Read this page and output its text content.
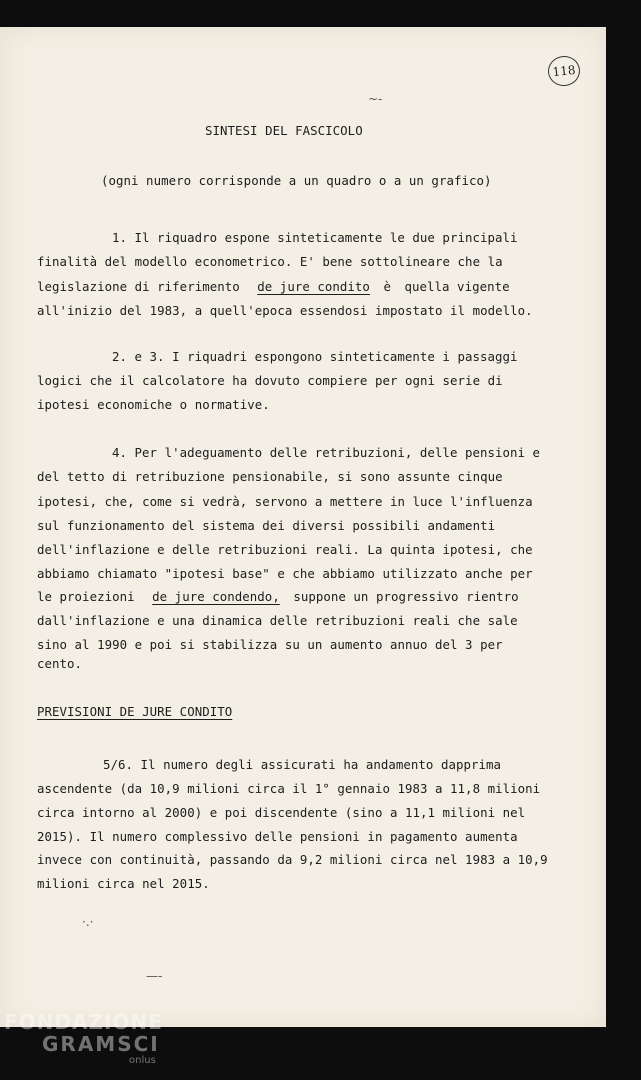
118
~-
SINTESI DEL FASCICOLO
(ogni numero corrisponde a un quadro o a un grafico)
1. Il riquadro espone sinteticamente le due principali
finalità del modello econometrico. E' bene sottolineare che la
legislazione di riferimento de jure condito è quella vigente
all'inizio del 1983, a quell'epoca essendosi impostato il modello.
2. e 3. I riquadri espongono sinteticamente i passaggi
logici che il calcolatore ha dovuto compiere per ogni serie di
ipotesi economiche o normative.
4. Per l'adeguamento delle retribuzioni, delle pensioni e
del tetto di retribuzione pensionabile, si sono assunte cinque
ipotesi, che, come si vedrà, servono a mettere in luce l'influenza
sul funzionamento del sistema dei diversi possibili andamenti
dell'inflazione e delle retribuzioni reali. La quinta ipotesi, che
abbiamo chiamato "ipotesi base" e che abbiamo utilizzato anche per
le proiezioni de jure condendo, suppone un progressivo rientro
dall'inflazione e una dinamica delle retribuzioni reali che sale
sino al 1990 e poi si stabilizza su un aumento annuo del 3 per
cento.
PREVISIONI DE JURE CONDITO
5/6. Il numero degli assicurati ha andamento dapprima
ascendente (da 10,9 milioni circa il 1° gennaio 1983 a 11,8 milioni
circa intorno al 2000) e poi discendente (sino a 11,1 milioni nel
2015). Il numero complessivo delle pensioni in pagamento aumenta
invece con continuità, passando da 9,2 milioni circa nel 1983 a 10,9
milioni circa nel 2015.
·.·
—-
FONDAZIONE
GRAMSCI
onlus
